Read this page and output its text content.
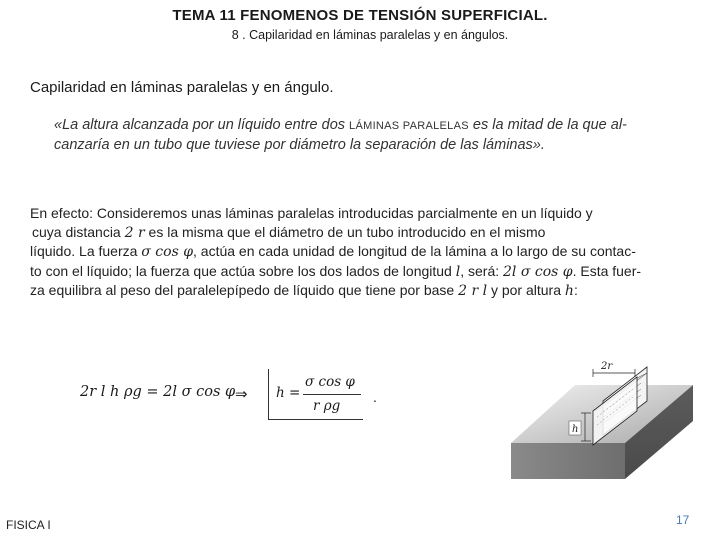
TEMA 11 FENOMENOS DE TENSIÓN SUPERFICIAL.
8 . Capilaridad en láminas paralelas y en ángulos.
Capilaridad en láminas paralelas y en ángulo.
«La altura alcanzada por un líquido entre dos LÁMINAS PARALELAS es la mitad de la que al-
canzaría en un tubo que tuviese por diámetro la separación de las láminas».
En efecto: Consideremos unas láminas paralelas introducidas parcialmente en un líquido y
cuya distancia 2 r es la misma que el diámetro de un tubo introducido en el mismo
líquido. La fuerza σ cos φ, actúa en cada unidad de longitud de la lámina a lo largo de su contac-
to con el líquido; la fuerza que actúa sobre los dos lados de longitud l, será: 2l σ cos φ. Esta fuer-
za equilibra al peso del paralelepípedo de líquido que tiene por base 2 r l y por altura h:
2r l h ρg = 2l σ cos φ ⇒ h =
σ cos φ
r ρg
.
2r
h
FISICA I	17
